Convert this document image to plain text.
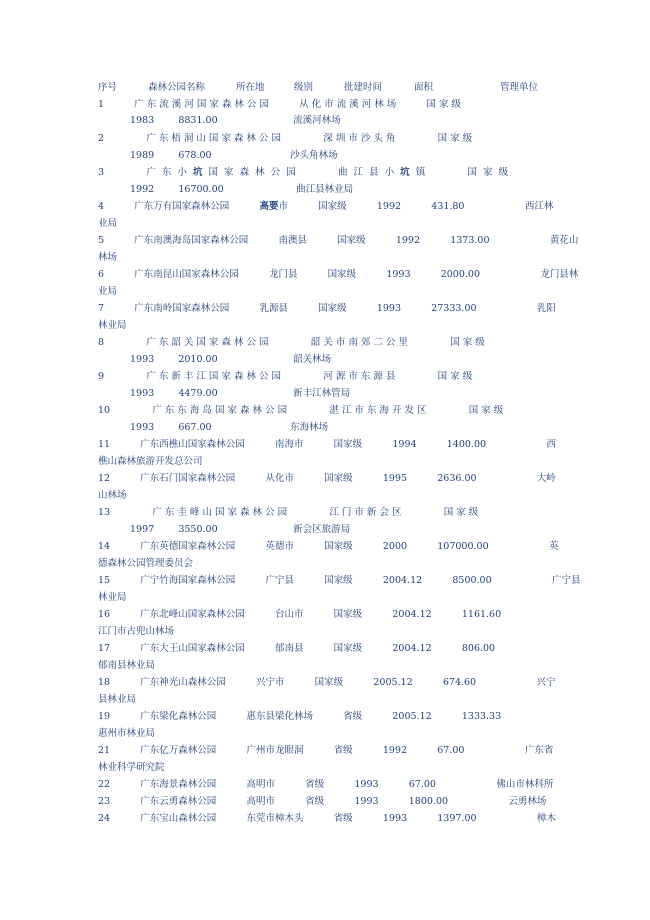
序号	森林公园名称	所在地	级别	批建时间	面积	管理单位
1          广 东 流 溪 河 国 家 森 林 公 园          从 化 市 流 溪 河 林 场          国 家 级
1983        8831.00                         流溪河林场
2              广 东 梧 洞 山 国 家 森 林 公 园              深 圳 市 沙 头 角              国 家 级
1989        678.00                          沙头角林场
3              广  东  小  坑  国  家  森  林  公  园              曲  江  县  小  坑  镇              国  家  级
1992        16700.00                        曲江县林业局
4          广东万有国家森林公园          高要市          国家级          1992          431.80                    西江林
业局
5          广东南澳海岛国家森林公园          南澳县          国家级          1992          1373.00                    黄花山
林场
6          广东南昆山国家森林公园          龙门县          国家级          1993          2000.00                    龙门县林
业局
7          广东南岭国家森林公园          乳源县          国家级          1993          27333.00                    乳阳
林业局
8              广 东 韶 关 国 家 森 林 公 园              韶 关 市 南 郊 二 公 里              国 家 级
1993        2010.00                         韶关林场
9              广 东 新 丰 江 国 家 森 林 公 园              河 源 市 东 源 县              国 家 级
1993        4479.00                         新丰江林管局
10              广 东 东 海 岛 国 家 森 林 公 园              湛 江 市 东 海 开 发 区              国 家 级
1993        667.00                          东海林场
11          广东西樵山国家森林公园          南海市          国家级          1994          1400.00                    西
樵山森林旅游开发总公司
12          广东石门国家森林公园          从化市          国家级          1995          2636.00                    大岭
山林场
13              广 东 圭 峰 山 国 家 森 林 公 园              江 门 市 新 会 区              国 家 级
1997        3550.00                         新会区旅游局
14          广东英德国家森林公园          英德市          国家级          2000          107000.00                    英
德森林公园管理委员会
15          广宁竹海国家森林公园          广宁县          国家级          2004.12          8500.00                    广宁县
林业局
16          广东北峰山国家森林公园          台山市          国家级          2004.12          1161.60
江门市古兜山林场
17          广东大王山国家森林公园          郁南县          国家级          2004.12          806.00
郁南县林业局
18          广东神光山森林公园          兴宁市          国家级          2005.12          674.60                    兴宁
县林业局
19          广东梁化森林公园          惠东县梁化林场          省级          2005.12          1333.33
惠州市林业局
21          广东亿万森林公园          广州市龙眼洞          省级          1992          67.00                    广东省
林业科学研究院
22          广东海景森林公园          高明市          省级          1993          67.00                    佛山市林科所
23          广东云勇森林公园          高明市          省级          1993          1800.00                    云勇林场
24          广东宝山森林公园          东莞市樟木头          省级          1993          1397.00                    樟木
